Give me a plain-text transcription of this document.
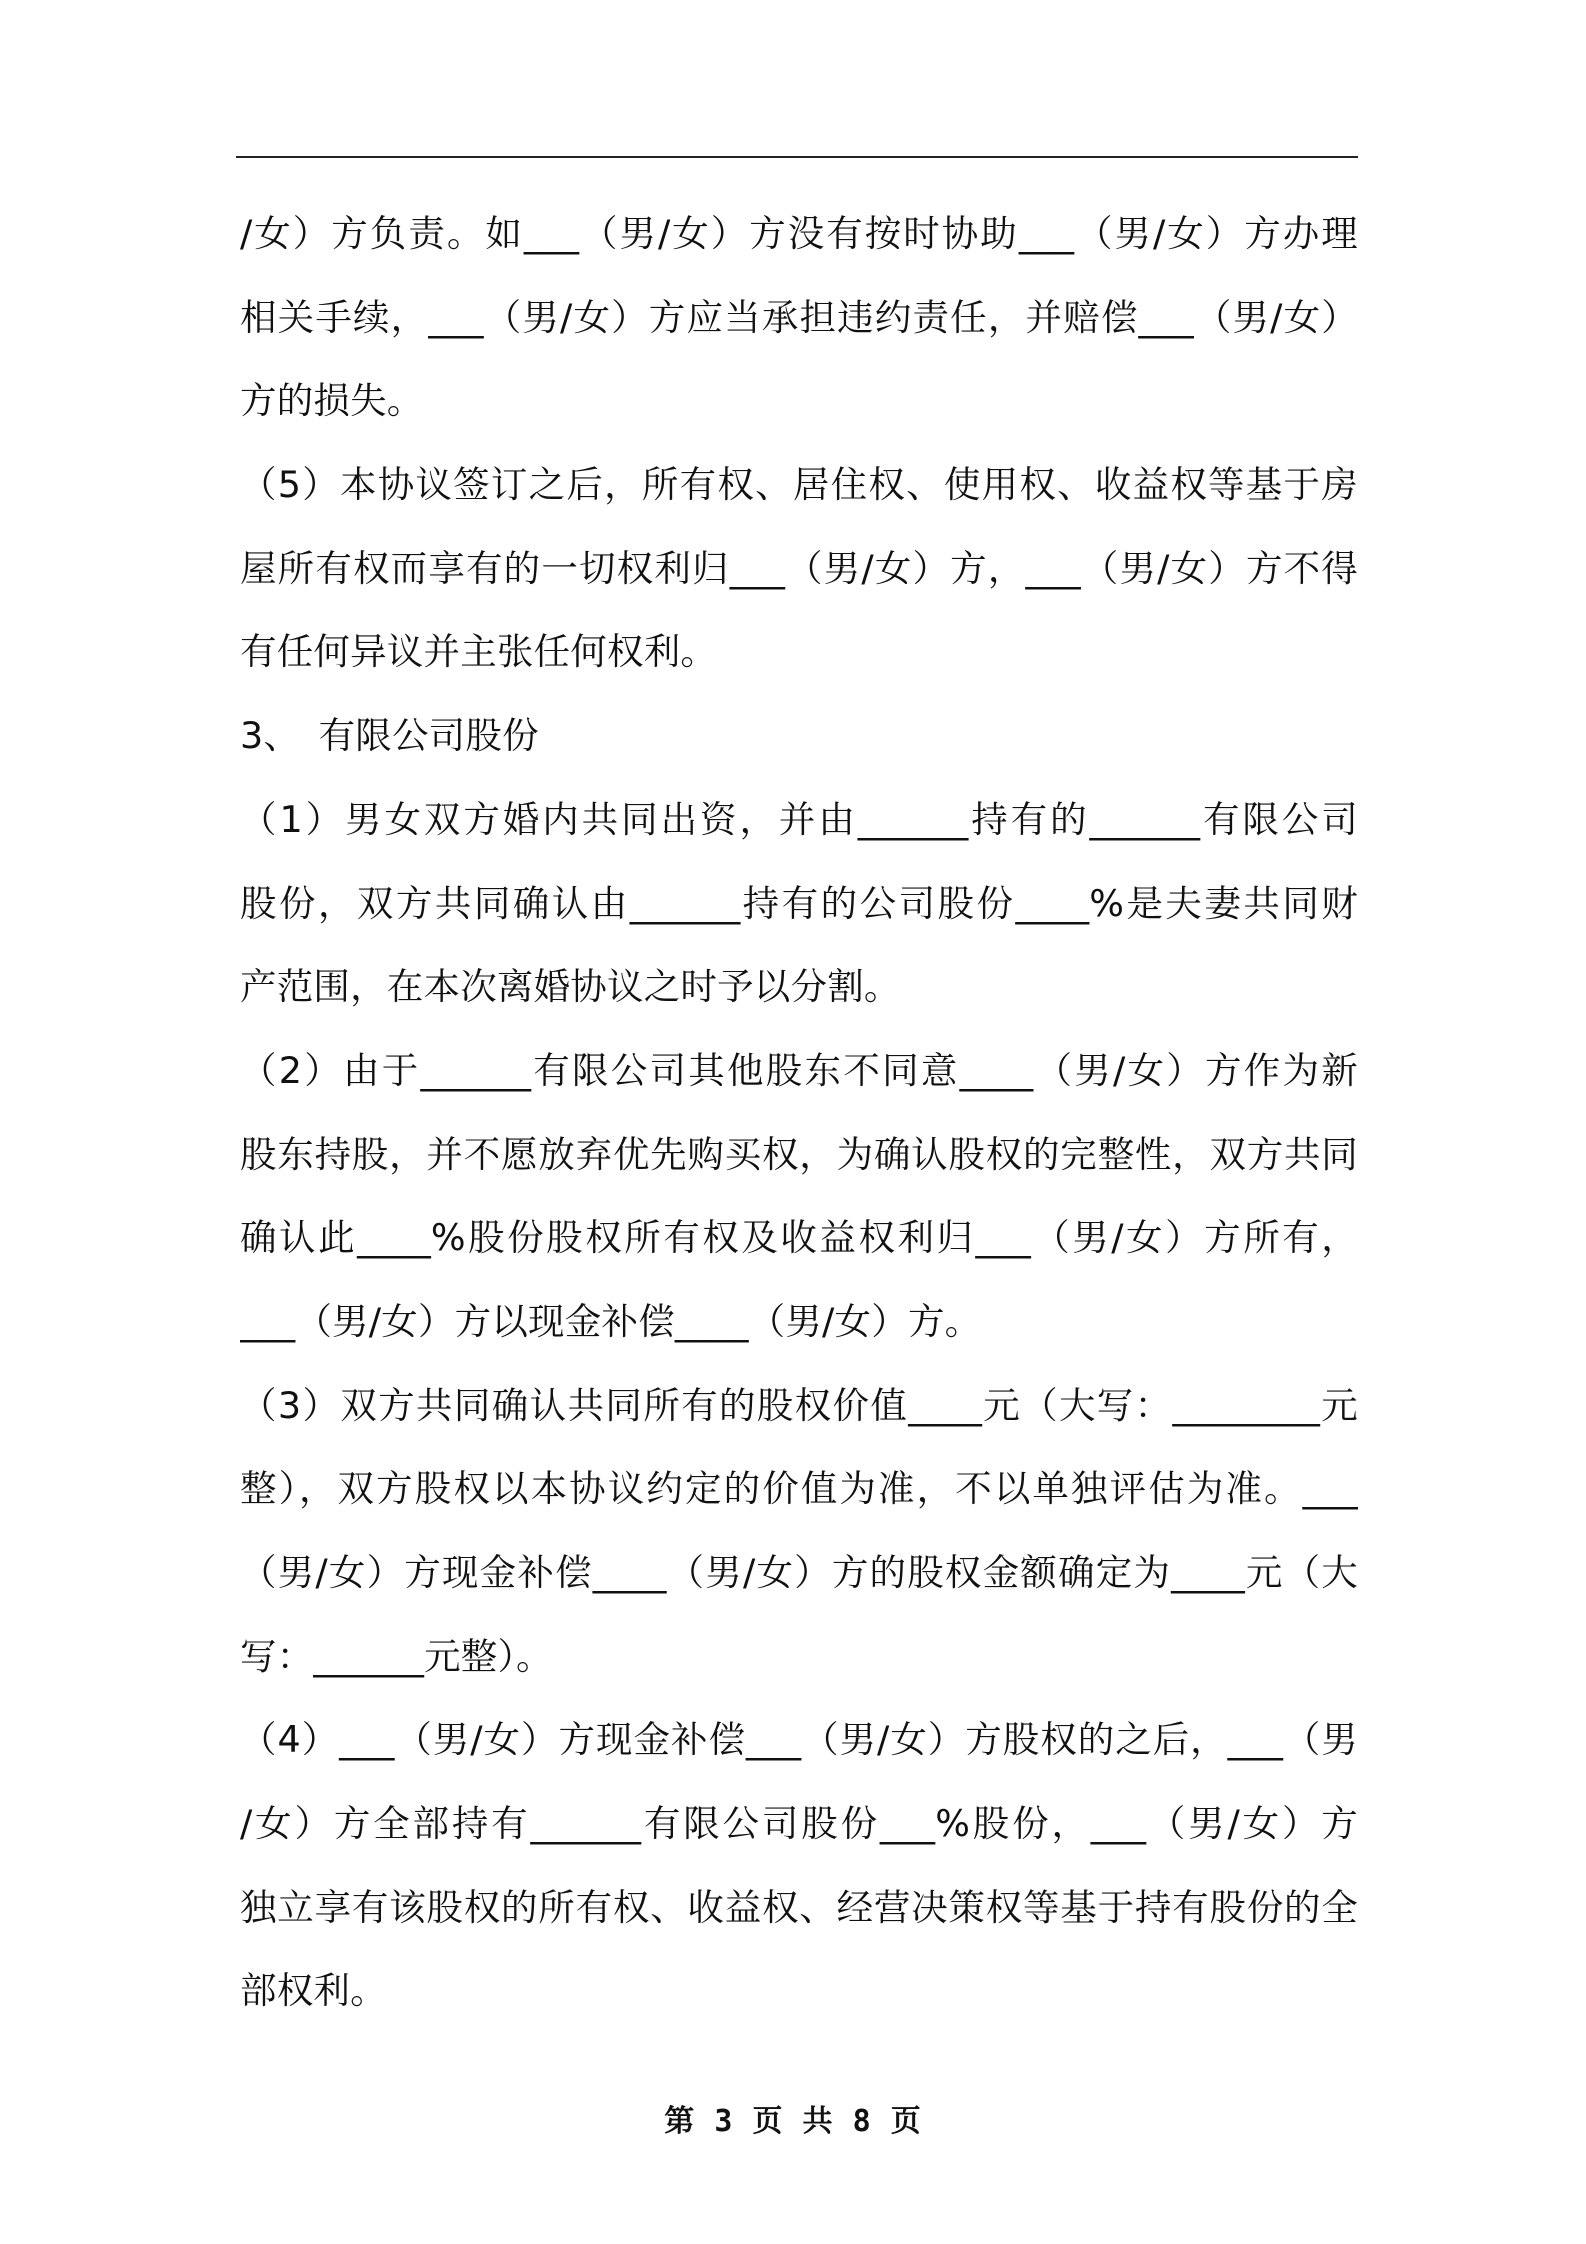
/女）方负责。如___（男/女）方没有按时协助___（男/女）方办理
相关手续，___（男/女）方应当承担违约责任，并赔偿___（男/女）
方的损失。
（5）本协议签订之后，所有权、居住权、使用权、收益权等基于房
屋所有权而享有的一切权利归___（男/女）方，___（男/女）方不得
有任何异议并主张任何权利。
3、　有限公司股份
（1）男女双方婚内共同出资，并由______持有的______有限公司
股份，双方共同确认由______持有的公司股份____%是夫妻共同财
产范围，在本次离婚协议之时予以分割。
（2）由于______有限公司其他股东不同意____（男/女）方作为新
股东持股，并不愿放弃优先购买权，为确认股权的完整性，双方共同
确认此____%股份股权所有权及收益权利归___（男/女）方所有，
___（男/女）方以现金补偿____（男/女）方。
（3）双方共同确认共同所有的股权价值____元（大写：________元
整），双方股权以本协议约定的价值为准，不以单独评估为准。___
（男/女）方现金补偿____（男/女）方的股权金额确定为____元（大
写：______元整）。
（4）___（男/女）方现金补偿___（男/女）方股权的之后，___（男
/女）方全部持有______有限公司股份___%股份，___（男/女）方
独立享有该股权的所有权、收益权、经营决策权等基于持有股份的全
部权利。
第 3 页 共 8 页
